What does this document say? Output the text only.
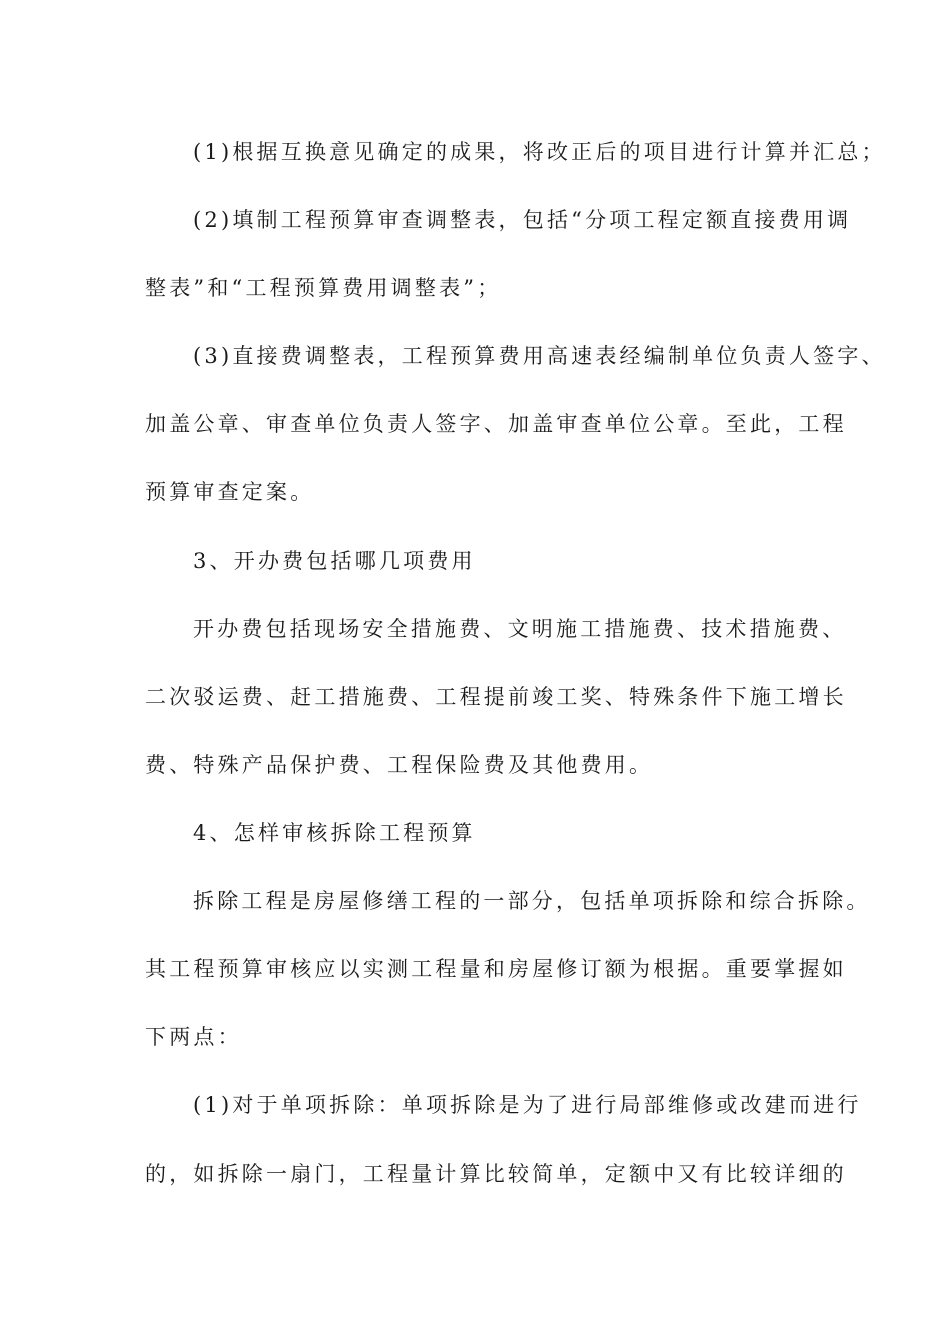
(1)根据互换意见确定的成果，将改正后的项目进行计算并汇总；
(2)填制工程预算审查调整表，包括“分项工程定额直接费用调
整表”和“工程预算费用调整表”；
(3)直接费调整表，工程预算费用高速表经编制单位负责人签字、
加盖公章、审查单位负责人签字、加盖审查单位公章。至此，工程
预算审查定案。
3、开办费包括哪几项费用
开办费包括现场安全措施费、文明施工措施费、技术措施费、
二次驳运费、赶工措施费、工程提前竣工奖、特殊条件下施工增长
费、特殊产品保护费、工程保险费及其他费用。
4、怎样审核拆除工程预算
拆除工程是房屋修缮工程的一部分，包括单项拆除和综合拆除。
其工程预算审核应以实测工程量和房屋修订额为根据。重要掌握如
下两点：
(1)对于单项拆除：单项拆除是为了进行局部维修或改建而进行
的，如拆除一扇门，工程量计算比较简单，定额中又有比较详细的
